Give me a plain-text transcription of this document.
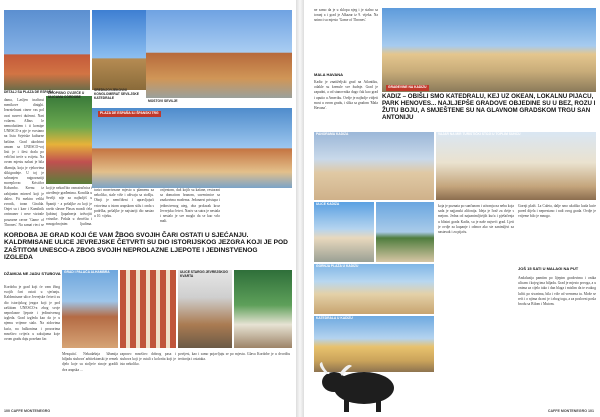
DETALJ SA PLAZA DE ESPAÑA	SREDNJOVJEKOVNI KONGLOMERAT SEVILJSKE KATEDRALE
MOSTOVI SEVILJE
PLAZA DE ESPAÑA ILI ŠPANSKI TRG
dama, Lasljen inačinui menikove dinighi. Iearnielnunt cinerr vas pol avai nuvevi dufenni. Nari volaem. Albus le nemoduttiem i ti komipe UNESCO-a pje je svrstano na listu Svjetske kulturne baštine. Grad akodrimi umom sa UNESCO-voj listi je i ilesi drala po veličini treće u svijetu. Na ovom mjestu nalazi je bila džamija, koja je vjekovima slikigradnje. U toj je sahranjen najpoznatiji moreplovac Kristifor Kolumbo. Krenu iz zabijanim mirnerl koji je daleo. Pit mektra veliki zvonik, toran Giralda. Onjet su i karr i Kamilnik orrimaner i nese vizirale pouzarne ravne 'Game of Thrones'. Na samaj rjeci se
ŽIVOPISNO CVIJEĆE U ULICAMA CÓRDOBE
koji je nekad bio osmatračnica i utvrđenje građenima. Kondila u Sevilji nije za najboljiš u Španiji - a pošaljke za koji je ravdo slavne Plasos mozdi ćela ljubinoj ljupalnerja izdvojiti vrisnike. Pošala u dvorištu i mnogobrojnim ljudima.
turizi mnerivnane mjesto u plamenu za nekoliko, stale više i uživaju sa stošlju. Oboji je nemčiženi i upravljajući vrtovima u istom arapskom stilu i onda s podrška, pošaljke je najstariji dio nastao u 10. vijeku.
orijentom, duž kojih su kafane, restorani sa domaćom hranom, suvenirnice sa znakovima modema. Jedanaest pristupa i jedinstvenog uteg, oba prolazak kroz Jevrejsku četvrt. Naziv sa sutra je nestala i nestalo je sve moglo da se kao vrlo mali.
KORDOBA JE GRAD KOJI ĆE VAM ŽBOG SVOJIH ČARI OSTATI U SJEĆANJU. KALDRMISANE ULICE JEVREJSKE ČETVRTI SU DIO ISTORIJSKOG JEZGRA KOJI JE POD ZAŠTITOM UNESCO-A ZBOG SVOJIH NEPROLAZNE LJEPOTE I JEDINSTVENOG IZGLEDA
DŽAMIJA NE JADU STUBOVA
Kordoba je grad koji će vam žbog svojih čari ostati u sjećanju. Kaldrmisane ulice Jevrejske četvrti su dio istorijskog jezgra koji je pod zaštitom UNESCO-a zbog svoje neprolazne ljepote i jedinstvenog izgleda. Grad izgleda kao da je u njemu vrijeme stalo. Na zidovima kuća, na balkonima i prozorima mnoštvo cvijeća u saksijama koje ovom gradu daju poseban čar.
GRAD I PALAČA ALHAMBRA	ULICE STAROG JEVREJSKOG KVARTA
Mezquita'. Nekadašnja 'džamija hiljadu stubova' arhitektonski je remek djelo koje su stoljeće sinoje gradili dva arapska ...
zapravo mnoštvo dobrog pasa i stubova koji je ostali s kolorita koji je isto nekoliko.
povijest, kao i samo pojavljuju se po mjestu. Glava Kordobe je u dvorištu teritorija i ostataka.
100 CAFFE MONTENEGRO
ne samo da je u sklopu njeg i je stalno sa toranj a i grad je Alkazar iz 9. vijeka. Na snimci su mjesto 'Game of Thrones'.
MALA HAVANA
Kadiz je znatiželjski grad na Atlantiku, odakle su krenule sve žudnje. Grad je zapadni, a od stanovnika dugo čak kao grad i uputio u Ameriku. Ovdje je najbolje vidjeti most u ovom gradu, i slika sa gradom 'Mala Havana'.
GRAĐEVINE NA KADIZU
KADIZ – OBIŠLI SMO KATEDRALU, KEJ UZ OKEAN, LOKALNU PIJACU, PARK HENOVES... NAJLJEPŠE GRADOVE OBJEDINE SU U BEZ, ROZU I ŽUTU BOJU, A SMJEŠTENE SU NA GLAVNOM GRADSKOM TRGU SAN ANTONIJU
PANORAMA KADIZA	VAJAR NA MIR TURISTIČKI STOJI U TOPLIM SUNCU
ULICE KADIZA
GORNJA PLAŽA U KADIZU
KATEDRALA U KADIZU
koja je poznata po sunčanom i utivanju na nebu koja sada je najjanski alifonija. Ideja je Ivaž za dvije s mejom. Jedna od najzanimljivijih kuća i pješačenja u blizini grada Kadiz, su je naše najveći grad. Ljeti je ovdje za kupanje i odmor ako ste zanimljivi za nastavak i za pijaću.
Gornji plaži. La Caleta, dalje smo ukoliko kada kuće pored dijela i neprestano i radi ovog grada. Ovdje je vrijeme bilo je mnogo.
JOŠ 15 SATI U MALAGI NA PUT
Andaluzija pamtim po lijepim gradovima i onika ulicam i kojeg ima hiljadu. Grad je mjesto prvoga, a u onima za cijelo tako i dan blaga i mislim da te svakog lučiti po stvarima, bila i više od vremena tu. Može se reći i o njima da mi je i zbog toga, a za poslovni posla brodu sa Bilom i Mutom.
CAFFE MONTENEGRO 101
